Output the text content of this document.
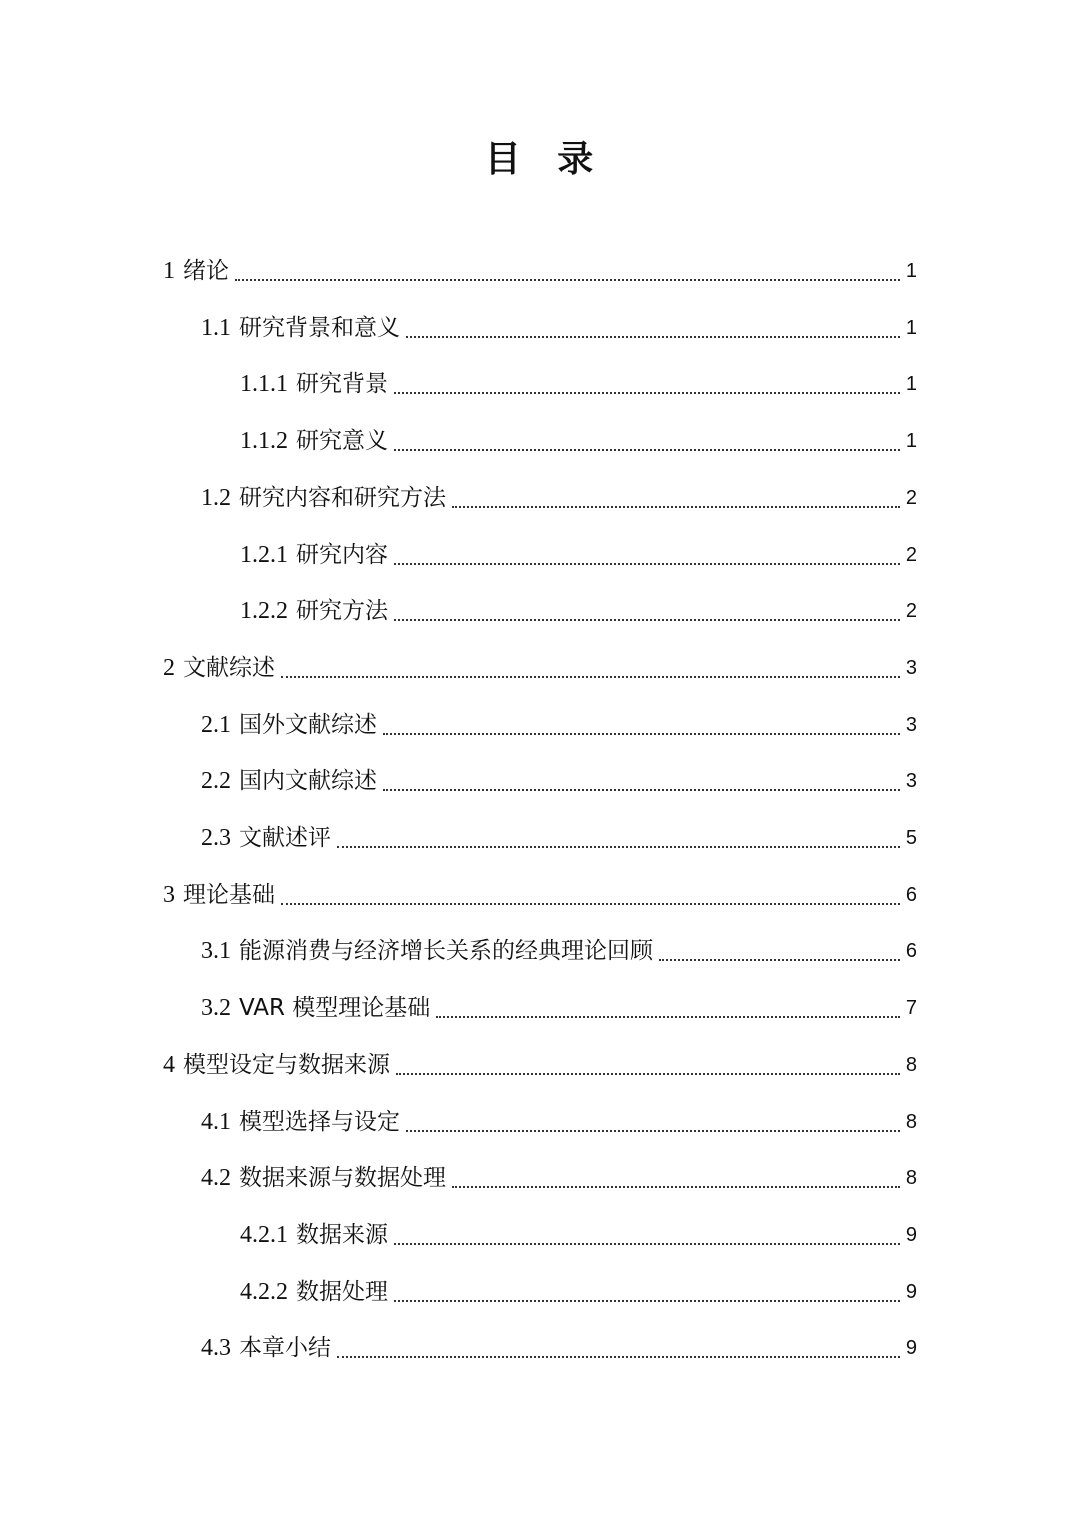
目 录
1 绪论	1
1.1 研究背景和意义	1
1.1.1 研究背景	1
1.1.2 研究意义	1
1.2 研究内容和研究方法	2
1.2.1 研究内容	2
1.2.2 研究方法	2
2 文献综述	3
2.1 国外文献综述	3
2.2 国内文献综述	3
2.3 文献述评	5
3 理论基础	6
3.1 能源消费与经济增长关系的经典理论回顾	6
3.2 VAR 模型理论基础	7
4 模型设定与数据来源	8
4.1 模型选择与设定	8
4.2 数据来源与数据处理	8
4.2.1 数据来源	9
4.2.2 数据处理	9
4.3 本章小结	9
